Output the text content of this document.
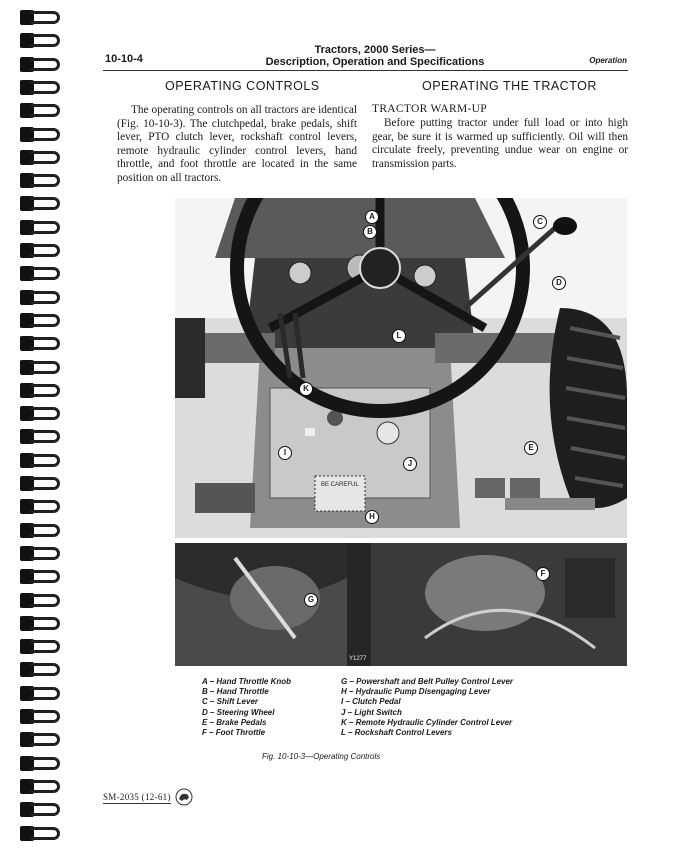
10-10-4
Tractors, 2000 Series—
Description, Operation and Specifications	Operation
OPERATING CONTROLS	OPERATING THE TRACTOR
The operating controls on all tractors are identical (Fig. 10-10-3). The clutchpedal, brake pedals, shift lever, PTO clutch lever, rockshaft control levers, remote hydraulic cylinder control levers, hand throttle, and foot throttle are located in the same position on all tractors.
TRACTOR WARM-UP
Before putting tractor under full load or into high gear, be sure it is warmed up sufficiently. Oil will then circulate freely, preventing undue wear on engine or transmission parts.
BE CAREFUL
Y1277
A
B
C
D
E
F
G
H
I
J
K
L
A – Hand Throttle Knob
B – Hand Throttle
C – Shift Lever
D – Steering Wheel
E – Brake Pedals
F – Foot Throttle
G – Powershaft and Belt Pulley Control Lever
H – Hydraulic Pump Disengaging Lever
I – Clutch Pedal
J – Light Switch
K – Remote Hydraulic Cylinder Control Lever
L – Rockshaft Control Levers
Fig. 10-10-3—Operating Controls
SM-2035 (12-61)
